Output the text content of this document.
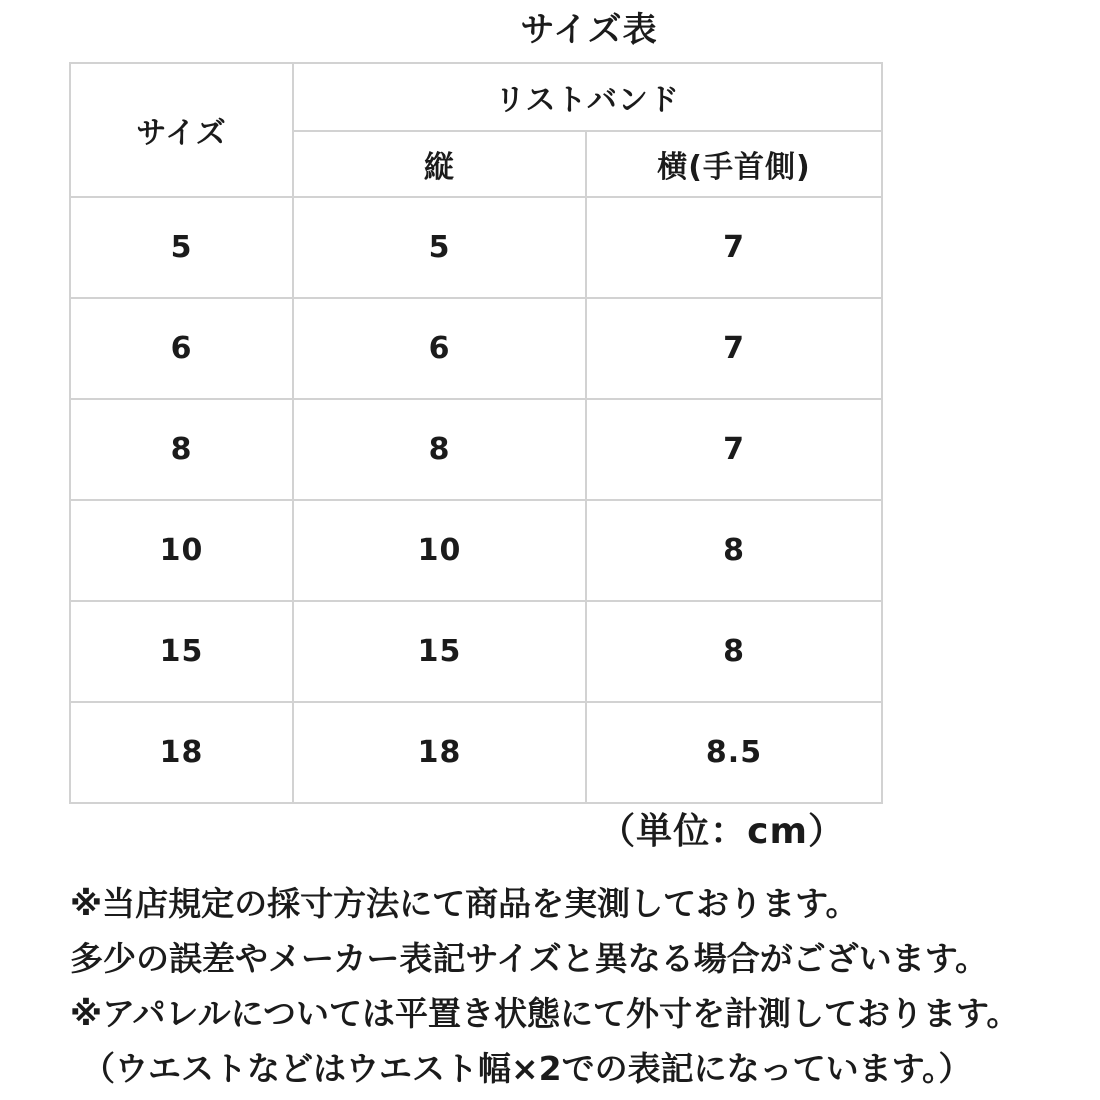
サイズ表
サイズ	リストバンド	
	縦	横(手首側)
5	5	7
6	6	7
8	8	7
10	10	8
15	15	8
18	18	8.5
（単位：cm）
※当店規定の採寸方法にて商品を実測しております。
多少の誤差やメーカー表記サイズと異なる場合がございます。
※アパレルについては平置き状態にて外寸を計測しております。
（ウエストなどはウエスト幅×2での表記になっています。）
